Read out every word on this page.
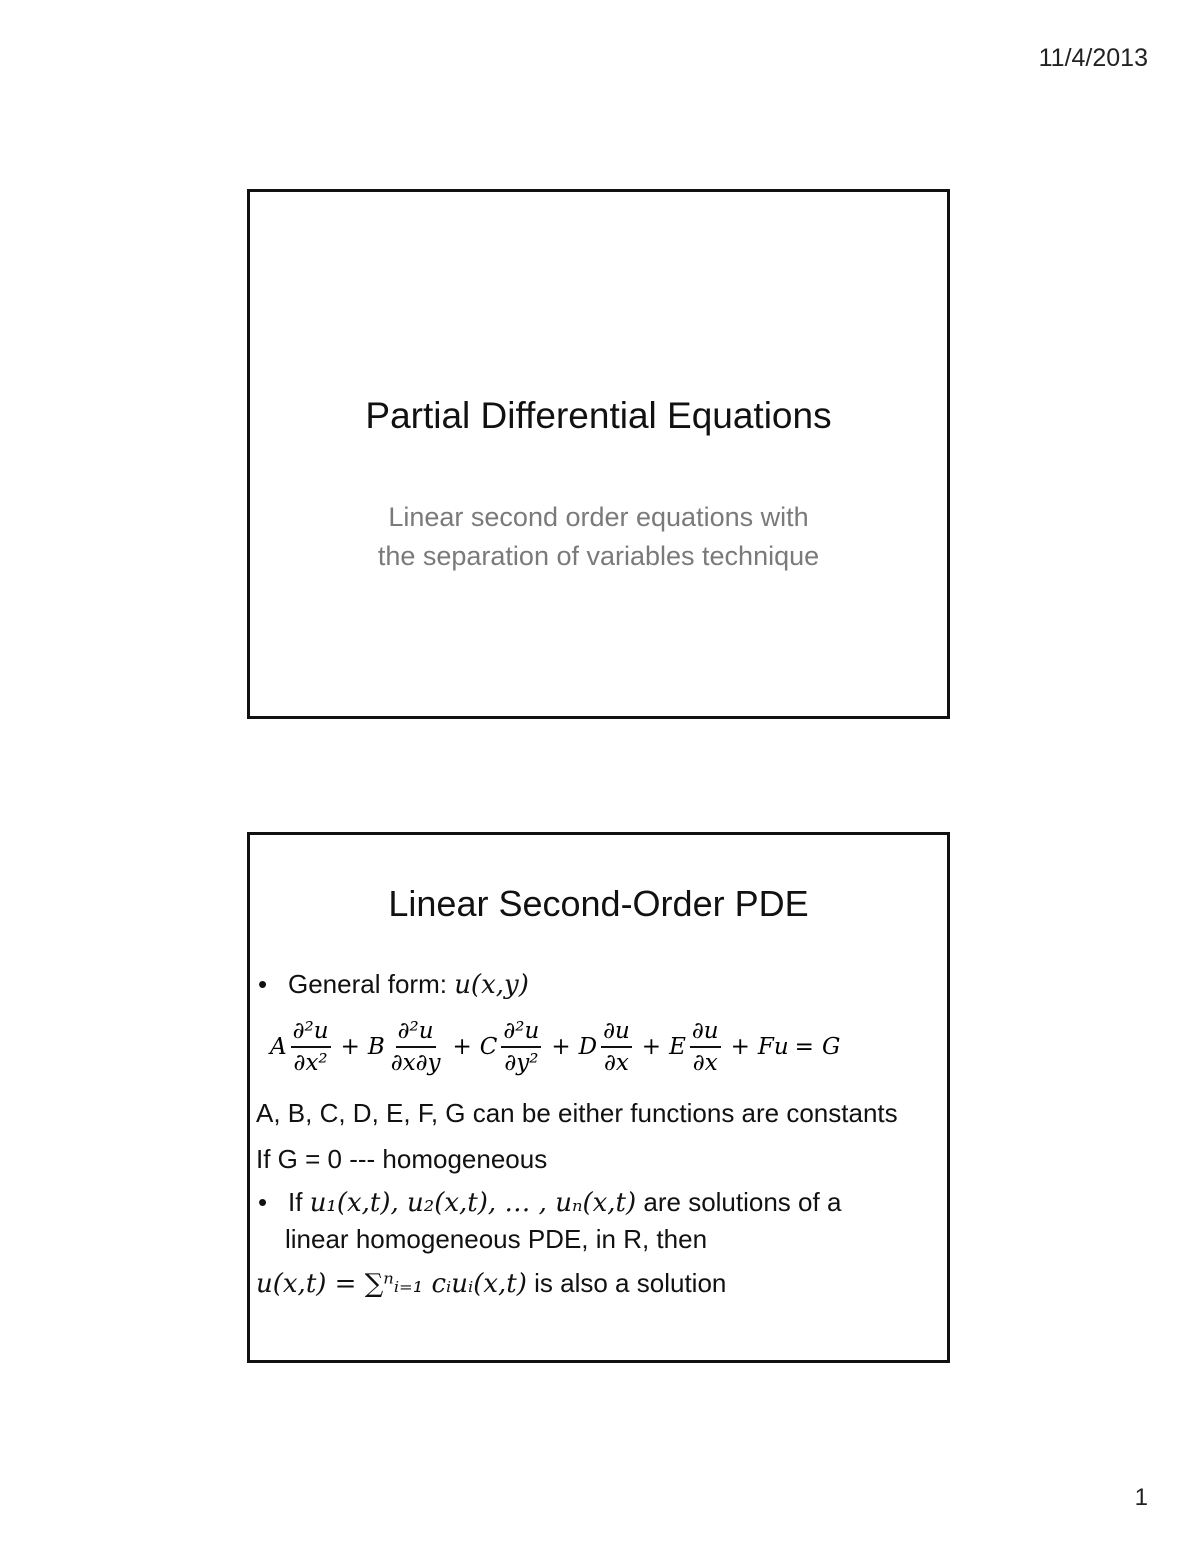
11/4/2013
Partial Differential Equations
Linear second order equations with
the separation of variables technique
Linear Second-Order PDE
• General form: u(x,y)
A $\frac{\text{∂²u}}{\text{∂x²}} + B \frac{\text{∂²u}}{\partial x\partial y} + C \frac{\text{∂²u}}{\text{∂y²}} + D \frac{\partial u}{\partial x} + E \frac{\partial u}{\partial x} + Fu = G$
A, B, C, D, E, F, G can be either functions are constants
If G = 0 --- homogeneous
• If u₁(x,t), u₂(x,t), … , uₙ(x,t) are solutions of a
linear homogeneous PDE, in R, then
u(x,t) = ∑ⁿᵢ₌₁ cᵢuᵢ(x,t) is also a solution
1
